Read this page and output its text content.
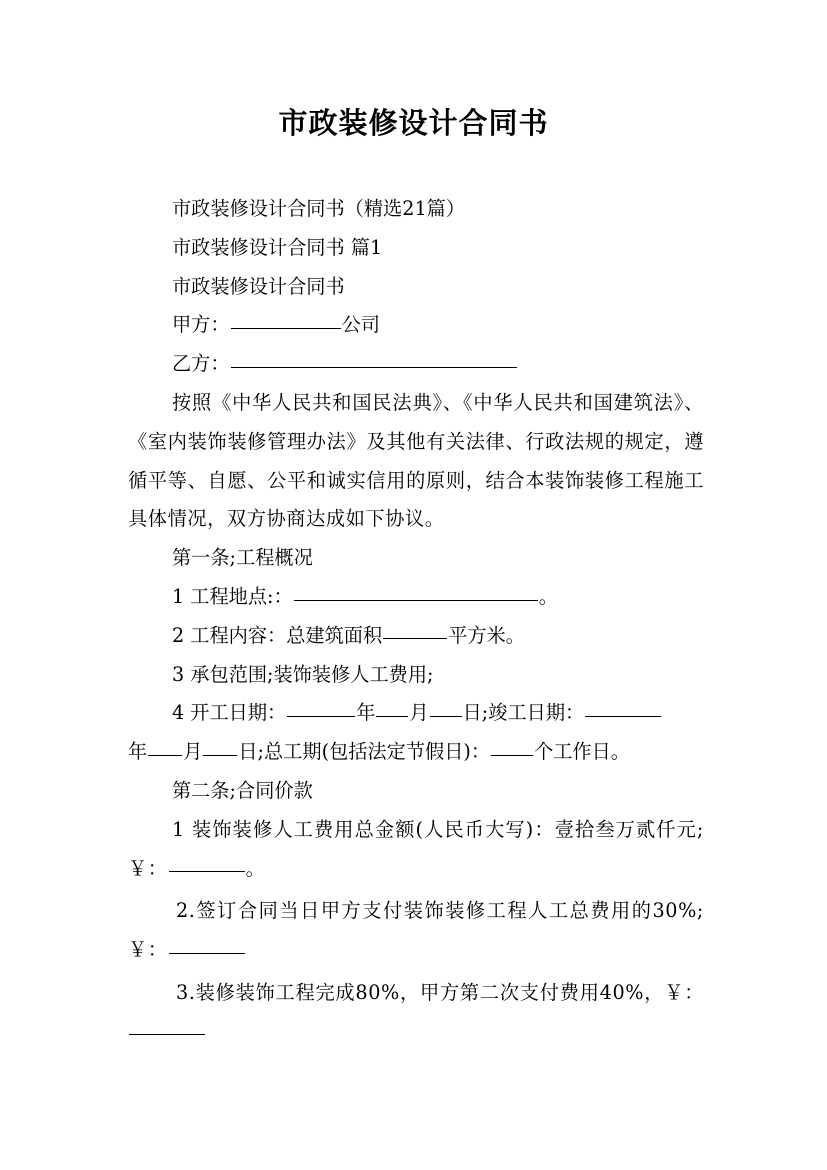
市政装修设计合同书

市政装修设计合同书（精选21篇）

市政装修设计合同书 篇1

市政装修设计合同书

甲方：	公司

乙方：

按照《中华人民共和国民法典》、《中华人民共和国建筑法》、《室内装饰装修管理办法》及其他有关法律、行政法规的规定，遵循平等、自愿、公平和诚实信用的原则，结合本装饰装修工程施工具体情况，双方协商达成如下协议。

第一条;工程概况

1 工程地点:：	。

2 工程内容：总建筑面积	平方米。

3 承包范围;装饰装修人工费用;

4 开工日期：	年 月 日;竣工日期：

年 月 日;总工期(包括法定节假日)： 个工作日。

第二条;合同价款

1 装饰装修人工费用总金额(人民币大写)：壹拾叁万贰仟元;￥：	。

2.签订合同当日甲方支付装饰装修工程人工总费用的30%;￥：

3.装修装饰工程完成80%，甲方第二次支付费用40%，￥：
